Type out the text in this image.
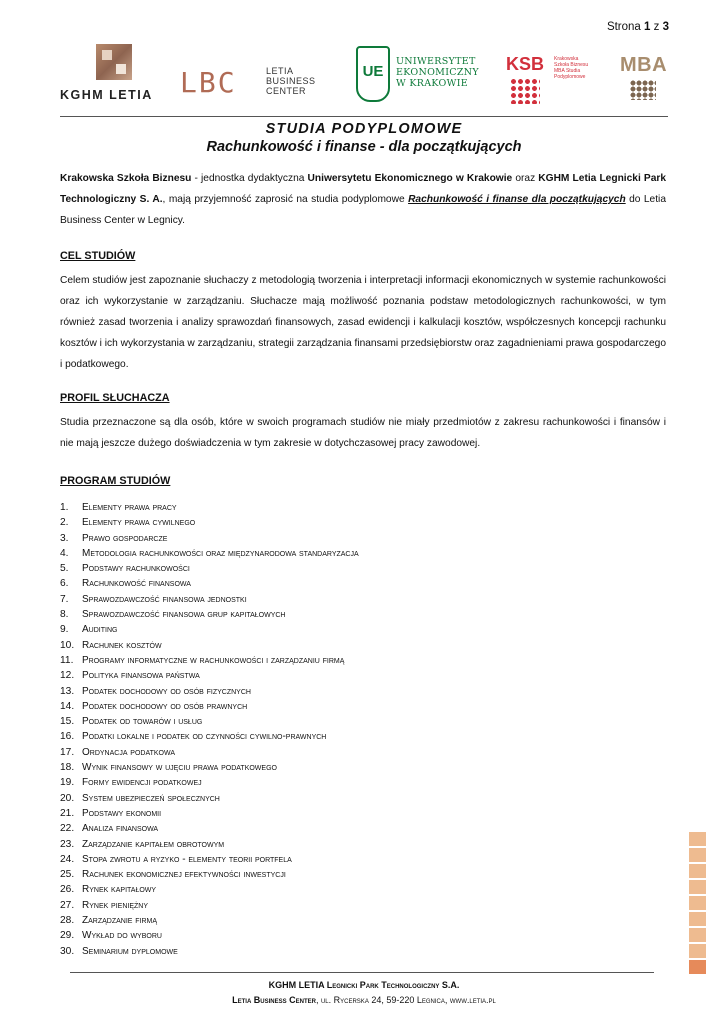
Strona 1 z 3
KGHM LETIA LBC	LETIA
BUSINESS
CENTER
UE
UNIWERSYTET
EKONOMICZNY
W KRAKOWIE
KSB	Krakowska
Szkoła Biznesu
MBA Studia Podyplomowe
MBA
STUDIA PODYPLOMOWE
Rachunkowość i finanse - dla początkujących

Krakowska Szkoła Biznesu - jednostka dydaktyczna Uniwersytetu Ekonomicznego w Krakowie oraz KGHM Letia Legnicki Park Technologiczny S. A., mają przyjemność zaprosić na studia podyplomowe Rachunkowość i finanse dla początkujących do Letia Business Center w Legnicy.

CEL STUDIÓW

Celem studiów jest zapoznanie słuchaczy z metodologią tworzenia i interpretacji informacji ekonomicznych w systemie rachunkowości oraz ich wykorzystanie w zarządzaniu. Słuchacze mają możliwość poznania podstaw metodologicznych rachunkowości, w tym również zasad tworzenia i analizy sprawozdań finansowych, zasad ewidencji i kalkulacji kosztów, współczesnych koncepcji rachunku kosztów i ich wykorzystania w zarządzaniu, strategii zarządzania finansami przedsiębiorstw oraz zagadnieniami prawa gospodarczego i podatkowego.

PROFIL SŁUCHACZA

Studia przeznaczone są dla osób, które w swoich programach studiów nie miały przedmiotów z zakresu rachunkowości i finansów i nie mają jeszcze dużego doświadczenia w tym zakresie w dotychczasowej pracy zawodowej.

PROGRAM STUDIÓW
1. Elementy prawa pracy
2. Elementy prawa cywilnego
3. Prawo gospodarcze
4. Metodologia rachunkowości oraz międzynarodowa standaryzacja
5. Podstawy rachunkowości
6. Rachunkowość finansowa
7. Sprawozdawczość finansowa jednostki
8. Sprawozdawczość finansowa grup kapitałowych
9. Auditing
10. Rachunek kosztów
11. Programy informatyczne w rachunkowości i zarządzaniu firmą
12. Polityka finansowa państwa
13. Podatek dochodowy od osób fizycznych
14. Podatek dochodowy od osób prawnych
15. Podatek od towarów i usług
16. Podatki lokalne i podatek od czynności cywilno-prawnych
17. Ordynacja podatkowa
18. Wynik finansowy w ujęciu prawa podatkowego
19. Formy ewidencji podatkowej
20. System ubezpieczeń społecznych
21. Podstawy ekonomii
22. Analiza finansowa
23. Zarządzanie kapitałem obrotowym
24. Stopa zwrotu a ryzyko - elementy teorii portfela
25. Rachunek ekonomicznej efektywności inwestycji
26. Rynek kapitałowy
27. Rynek pieniężny
28. Zarządzanie firmą
29. Wykład do wyboru
30. Seminarium dyplomowe
KGHM LETIA Legnicki Park Technologiczny S.A.
Letia Business Center, ul. Rycerska 24, 59-220 Legnica, www.letia.pl
